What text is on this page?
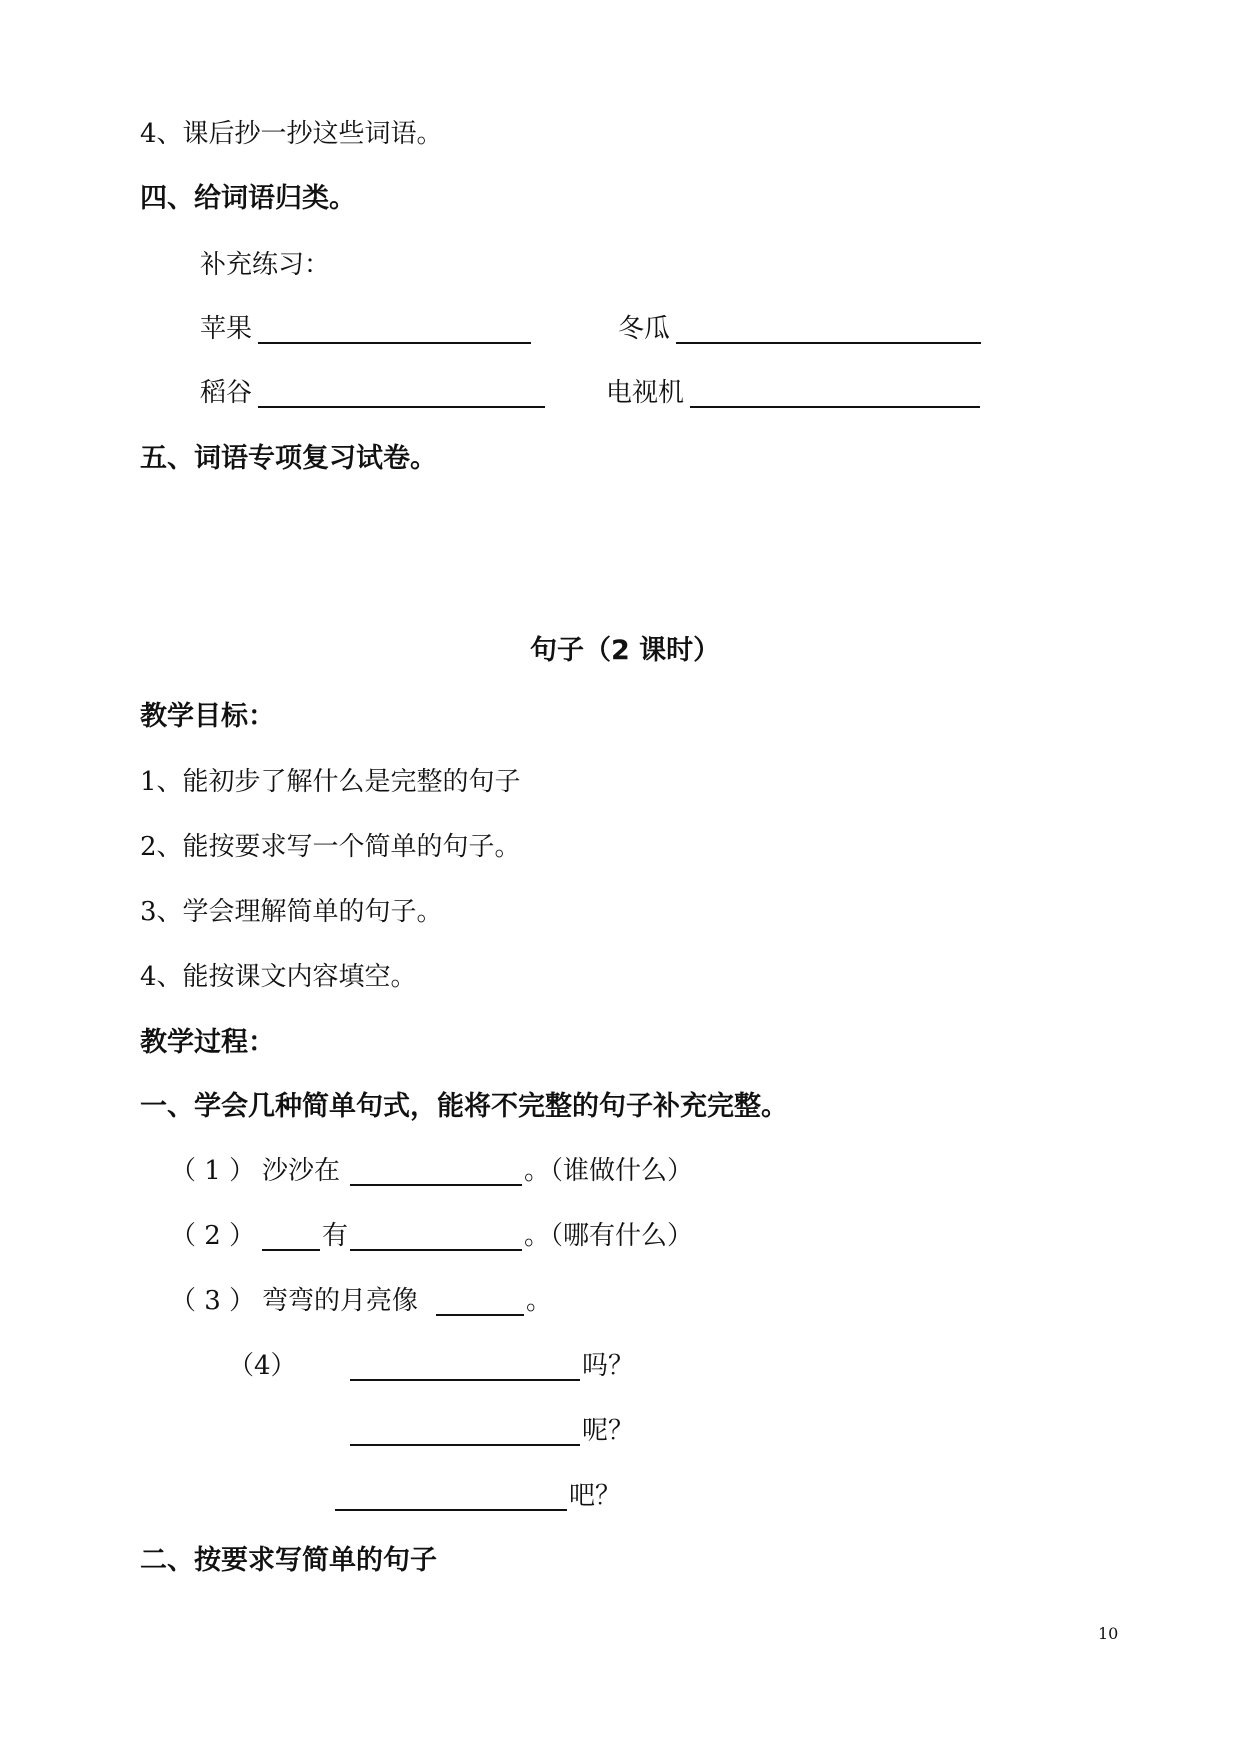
4、课后抄一抄这些词语。
四、给词语归类。
补充练习：
苹果	冬瓜
稻谷	电视机
五、词语专项复习试卷。
句子（2 课时）
教学目标：
1、能初步了解什么是完整的句子
2、能按要求写一个简单的句子。
3、学会理解简单的句子。
4、能按课文内容填空。
教学过程：
一、学会几种简单句式，能将不完整的句子补充完整。
（ 1 ） 沙沙在	。（谁做什么）
（ 2 ）	有	。（哪有什么）
（ 3 ） 弯弯的月亮像	。
（4）	吗？
呢？
吧？
二、按要求写简单的句子
10
